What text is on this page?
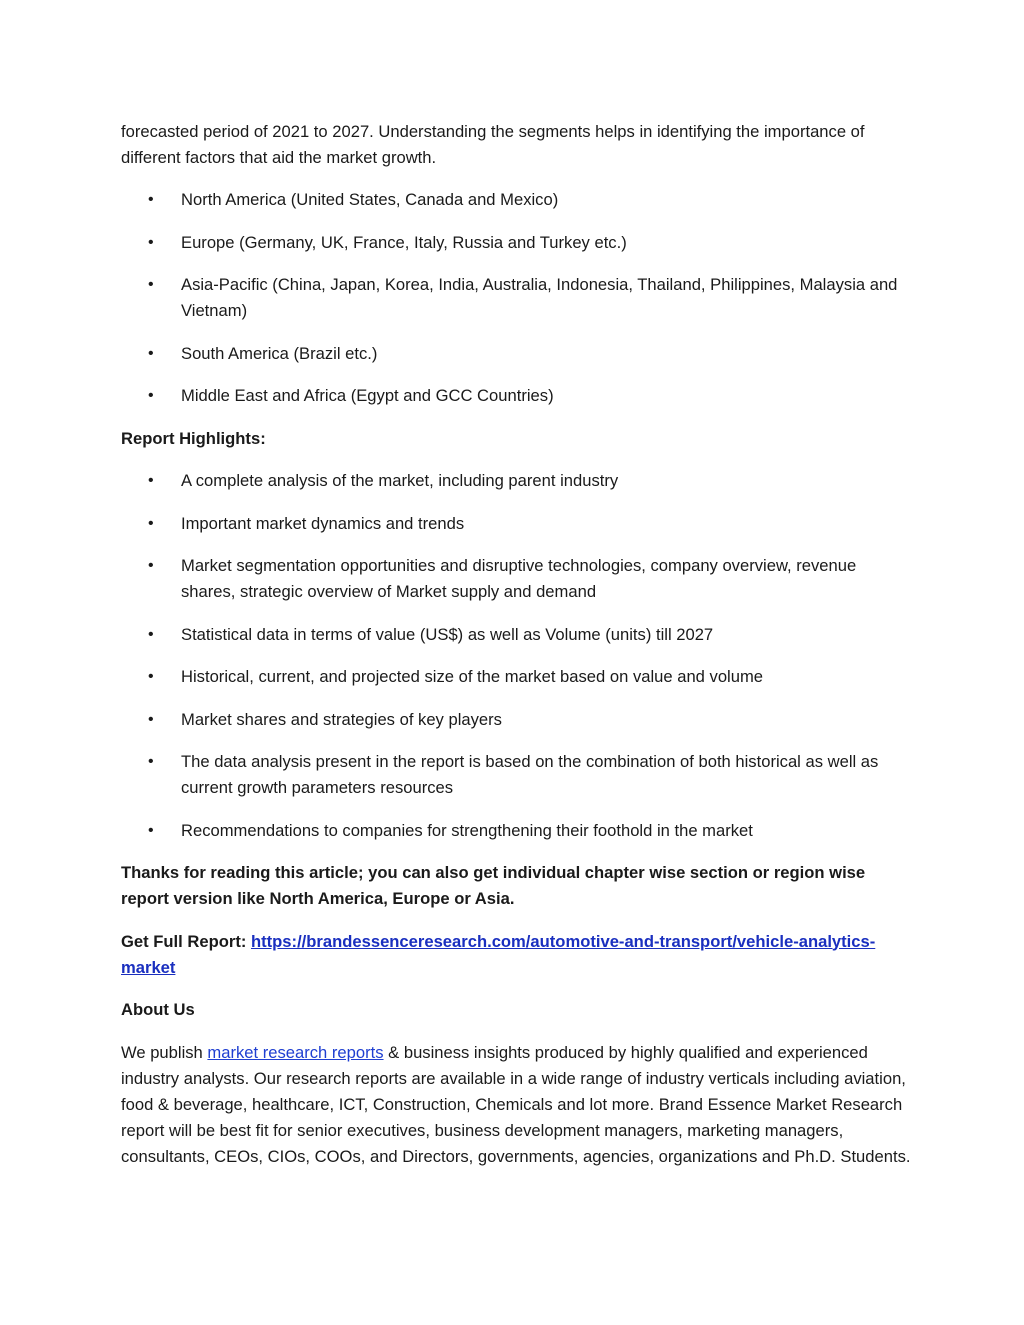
forecasted period of 2021 to 2027. Understanding the segments helps in identifying the importance of different factors that aid the market growth.

• North America (United States, Canada and Mexico)
• Europe (Germany, UK, France, Italy, Russia and Turkey etc.)
• Asia-Pacific (China, Japan, Korea, India, Australia, Indonesia, Thailand, Philippines, Malaysia and Vietnam)
• South America (Brazil etc.)
• Middle East and Africa (Egypt and GCC Countries)

Report Highlights:

• A complete analysis of the market, including parent industry
• Important market dynamics and trends
• Market segmentation opportunities and disruptive technologies, company overview, revenue shares, strategic overview of Market supply and demand
• Statistical data in terms of value (US$) as well as Volume (units) till 2027
• Historical, current, and projected size of the market based on value and volume
• Market shares and strategies of key players
• The data analysis present in the report is based on the combination of both historical as well as current growth parameters resources
• Recommendations to companies for strengthening their foothold in the market

Thanks for reading this article; you can also get individual chapter wise section or region wise report version like North America, Europe or Asia.

Get Full Report: https://brandessenceresearch.com/automotive-and-transport/vehicle-analytics-market

About Us

We publish market research reports & business insights produced by highly qualified and experienced industry analysts. Our research reports are available in a wide range of industry verticals including aviation, food & beverage, healthcare, ICT, Construction, Chemicals and lot more. Brand Essence Market Research report will be best fit for senior executives, business development managers, marketing managers, consultants, CEOs, CIOs, COOs, and Directors, governments, agencies, organizations and Ph.D. Students.
